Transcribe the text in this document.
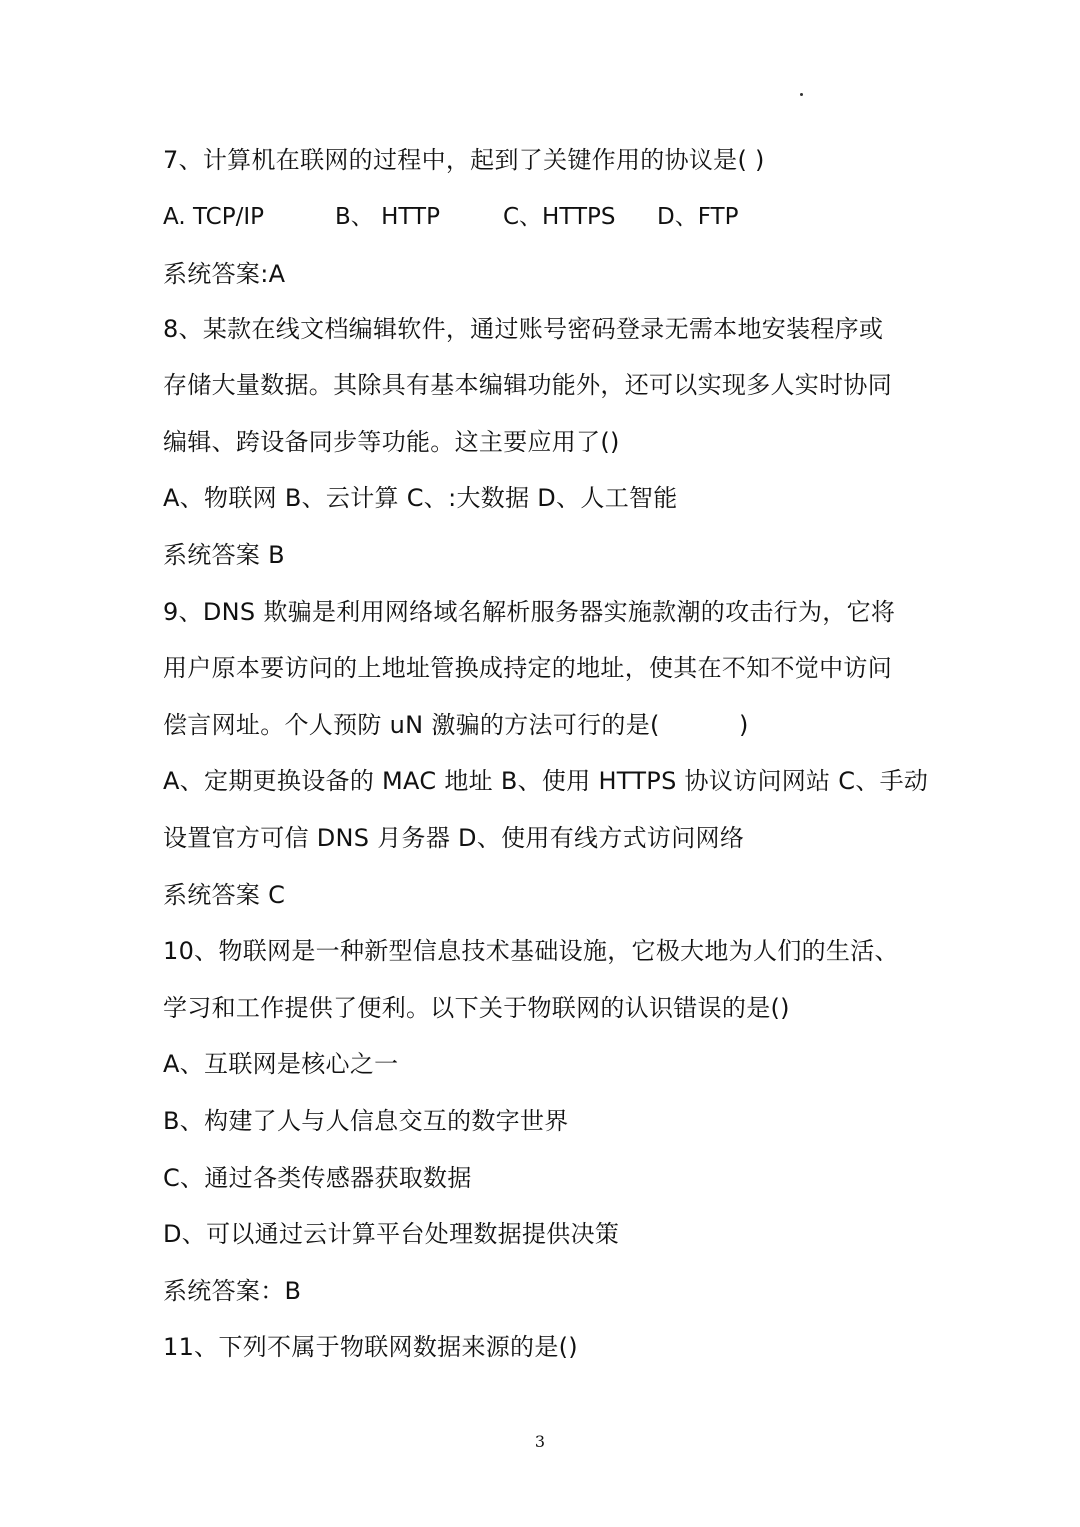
7、计算机在联网的过程中，起到了关键作用的协议是( )
A. TCP/IP	B、 HTTP	C、HTTPS D、FTP
系统答案:A
8、某款在线文档编辑软件，通过账号密码登录无需本地安装程序或
存储大量数据。其除具有基本编辑功能外，还可以实现多人实时协同
编辑、跨设备同步等功能。这主要应用了()
A、物联网 B、云计算 C、:大数据 D、人工智能
系统答案 B
9、DNS 欺骗是利用网络域名解析服务器实施款潮的攻击行为，它将
用户原本要访问的上地址管换成持定的地址，使其在不知不觉中访问
偿言网址。个人预防 uN 激骗的方法可行的是(          )
A、定期更换设备的 MAC 地址 B、使用 HTTPS 协议访问网站 C、手动
设置官方可信 DNS 月务器 D、使用有线方式访问网络
系统答案 C
10、物联网是一种新型信息技术基础设施，它极大地为人们的生活、
学习和工作提供了便利。以下关于物联网的认识错误的是()
A、互联网是核心之一
B、构建了人与人信息交互的数字世界
C、通过各类传感器获取数据
D、可以通过云计算平台处理数据提供决策
系统答案：B
11、下列不属于物联网数据来源的是()
3
